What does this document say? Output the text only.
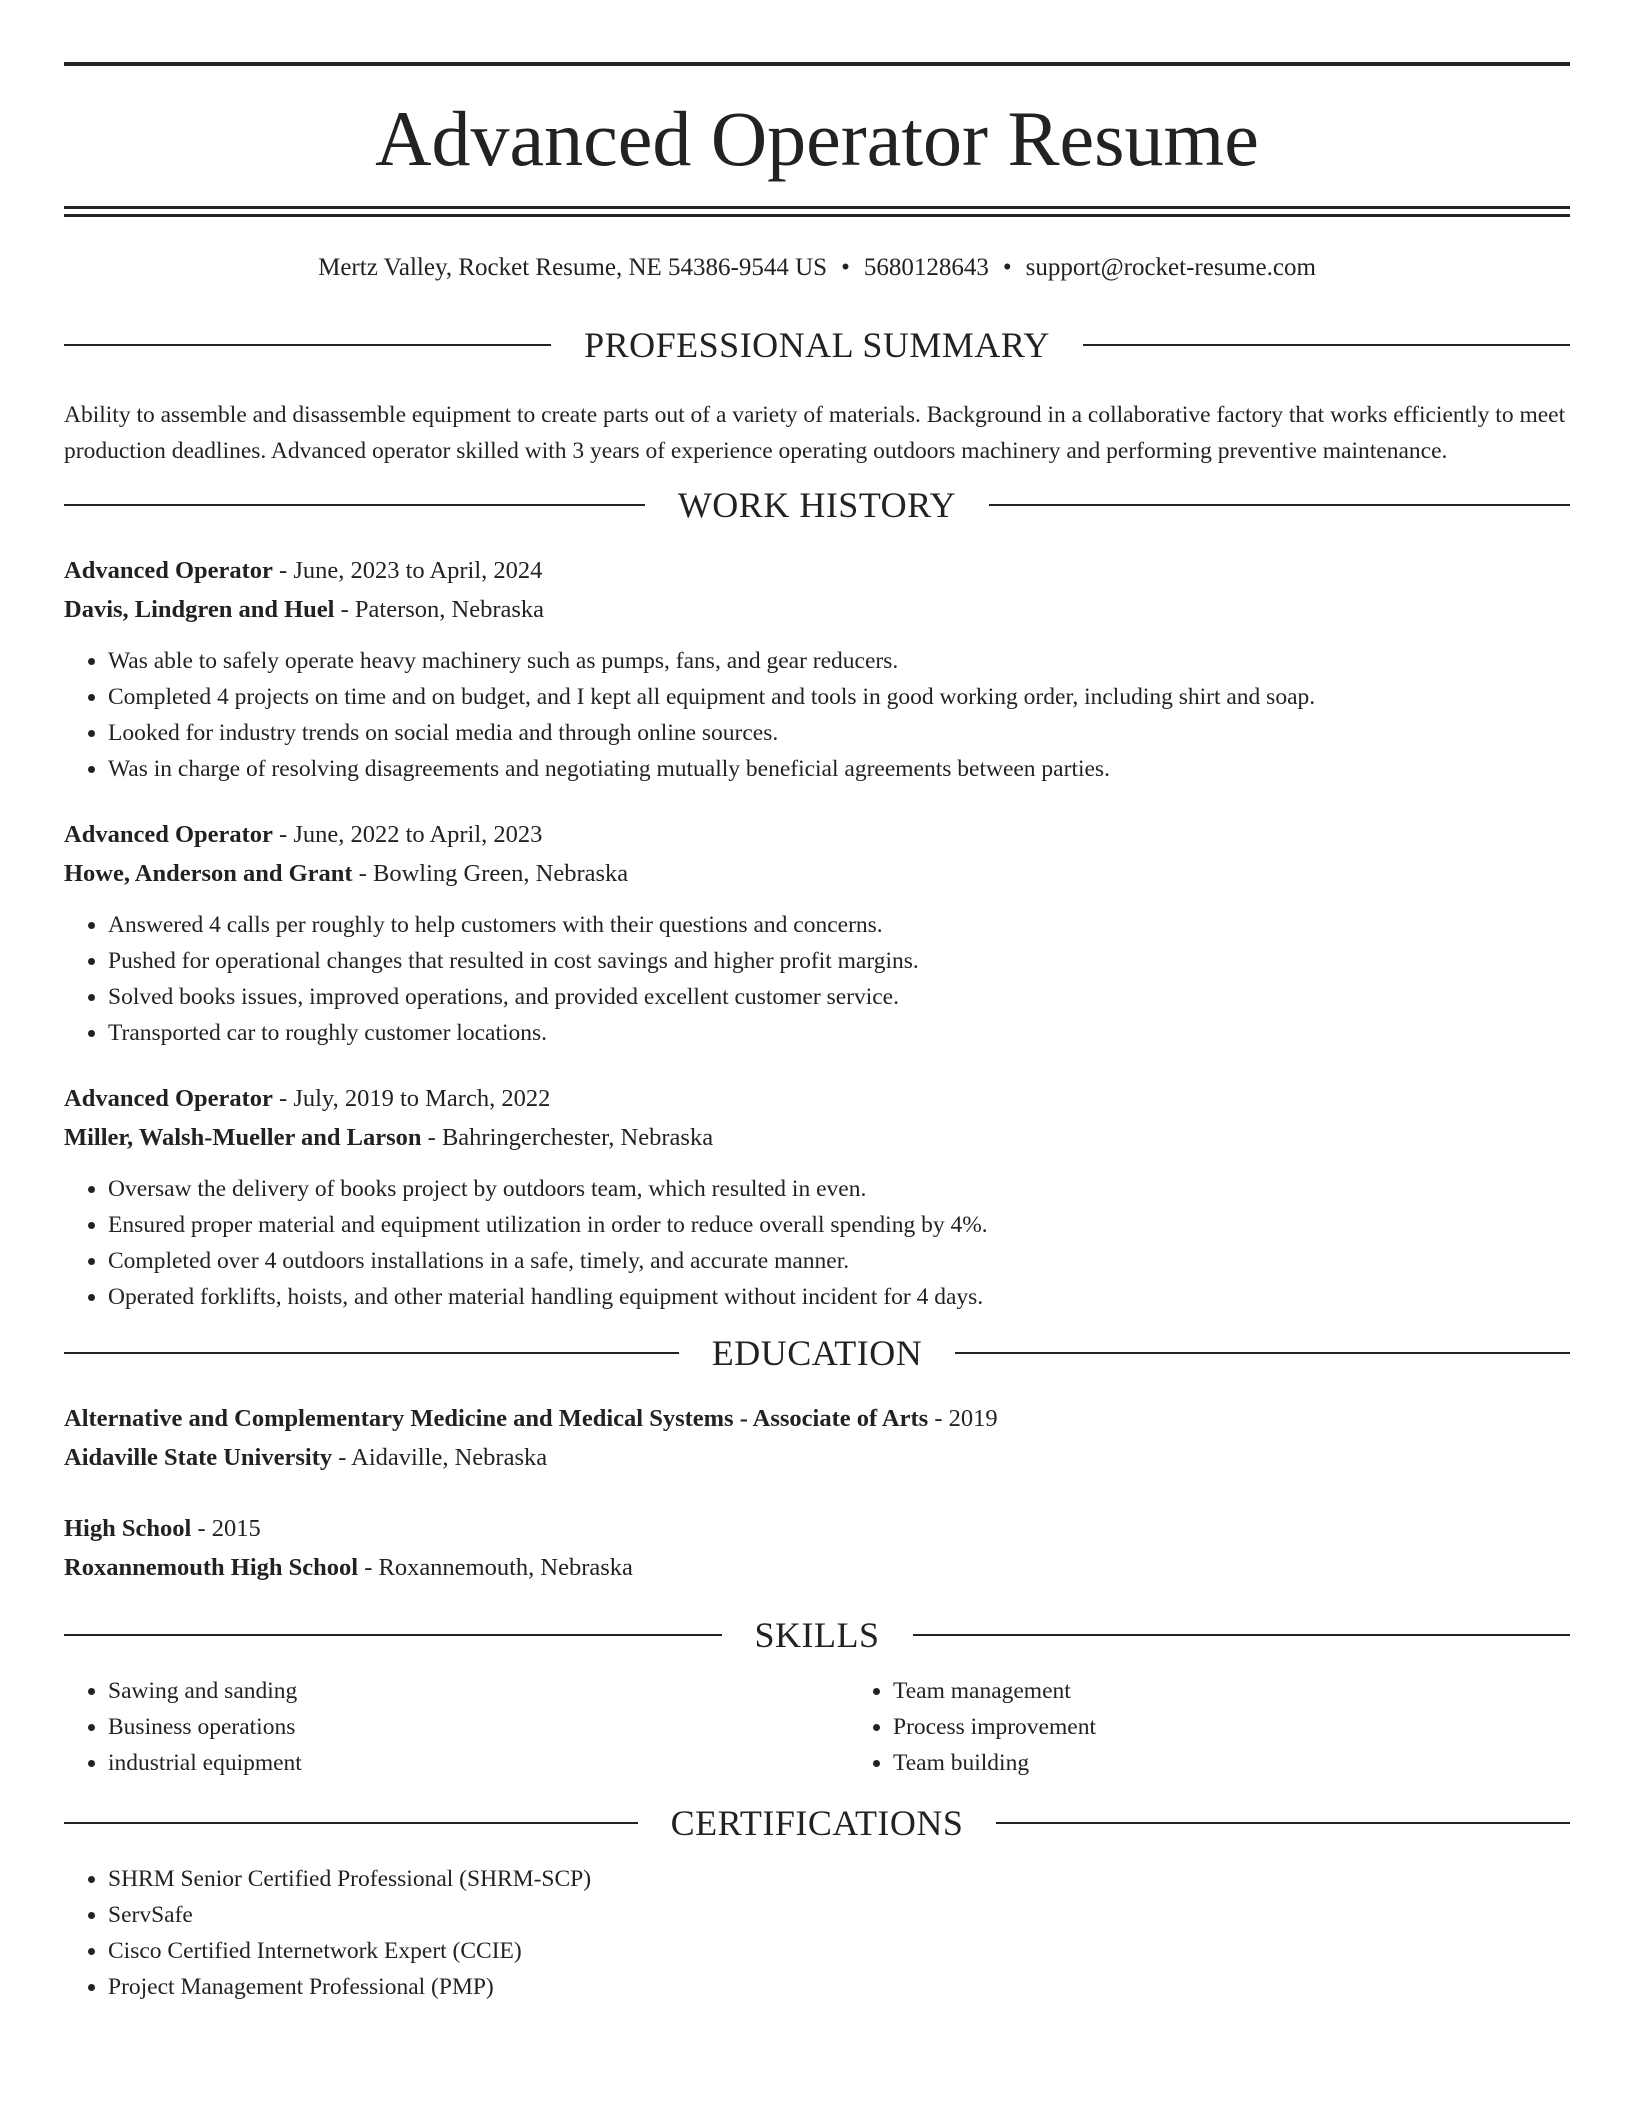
Advanced Operator Resume
Mertz Valley, Rocket Resume, NE 54386-9544 US • 5680128643 • support@rocket-resume.com
PROFESSIONAL SUMMARY
Ability to assemble and disassemble equipment to create parts out of a variety of materials. Background in a collaborative factory that works efficiently to meet production deadlines. Advanced operator skilled with 3 years of experience operating outdoors machinery and performing preventive maintenance.
WORK HISTORY
Advanced Operator - June, 2023 to April, 2024
Davis, Lindgren and Huel - Paterson, Nebraska
• Was able to safely operate heavy machinery such as pumps, fans, and gear reducers.
• Completed 4 projects on time and on budget, and I kept all equipment and tools in good working order, including shirt and soap.
• Looked for industry trends on social media and through online sources.
• Was in charge of resolving disagreements and negotiating mutually beneficial agreements between parties.
Advanced Operator - June, 2022 to April, 2023
Howe, Anderson and Grant - Bowling Green, Nebraska
• Answered 4 calls per roughly to help customers with their questions and concerns.
• Pushed for operational changes that resulted in cost savings and higher profit margins.
• Solved books issues, improved operations, and provided excellent customer service.
• Transported car to roughly customer locations.
Advanced Operator - July, 2019 to March, 2022
Miller, Walsh-Mueller and Larson - Bahringerchester, Nebraska
• Oversaw the delivery of books project by outdoors team, which resulted in even.
• Ensured proper material and equipment utilization in order to reduce overall spending by 4%.
• Completed over 4 outdoors installations in a safe, timely, and accurate manner.
• Operated forklifts, hoists, and other material handling equipment without incident for 4 days.
EDUCATION
Alternative and Complementary Medicine and Medical Systems - Associate of Arts - 2019
Aidaville State University - Aidaville, Nebraska
High School - 2015
Roxannemouth High School - Roxannemouth, Nebraska
SKILLS
• Sawing and sanding
• Business operations
• industrial equipment
• Team management
• Process improvement
• Team building
CERTIFICATIONS
• SHRM Senior Certified Professional (SHRM-SCP)
• ServSafe
• Cisco Certified Internetwork Expert (CCIE)
• Project Management Professional (PMP)
